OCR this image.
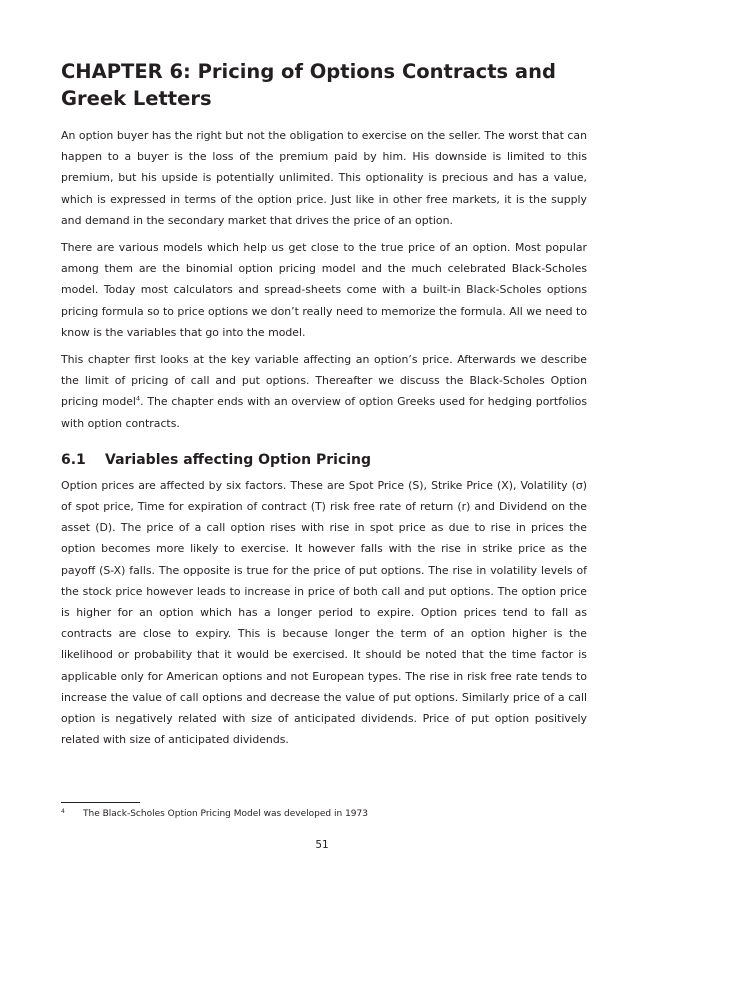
CHAPTER 6: Pricing of Options Contracts and Greek Letters

An option buyer has the right but not the obligation to exercise on the seller. The worst that can happen to a buyer is the loss of the premium paid by him. His downside is limited to this premium, but his upside is potentially unlimited. This optionality is precious and has a value, which is expressed in terms of the option price. Just like in other free markets, it is the supply and demand in the secondary market that drives the price of an option.

There are various models which help us get close to the true price of an option. Most popular among them are the binomial option pricing model and the much celebrated Black-Scholes model. Today most calculators and spread-sheets come with a built-in Black-Scholes options pricing formula so to price options we don’t really need to memorize the formula. All we need to know is the variables that go into the model.

This chapter first looks at the key variable affecting an option’s price. Afterwards we describe the limit of pricing of call and put options. Thereafter we discuss the Black-Scholes Option pricing model$^4$. The chapter ends with an overview of option Greeks used for hedging portfolios with option contracts.

6.1	Variables affecting Option Pricing

Option prices are affected by six factors. These are Spot Price (S), Strike Price (X), Volatility (σ) of spot price, Time for expiration of contract (T) risk free rate of return (r) and Dividend on the asset (D). The price of a call option rises with rise in spot price as due to rise in prices the option becomes more likely to exercise. It however falls with the rise in strike price as the payoff (S-X) falls. The opposite is true for the price of put options. The rise in volatility levels of the stock price however leads to increase in price of both call and put options. The option price is higher for an option which has a longer period to expire. Option prices tend to fall as contracts are close to expiry. This is because longer the term of an option higher is the likelihood or probability that it would be exercised. It should be noted that the time factor is applicable only for American options and not European types. The rise in risk free rate tends to increase the value of call options and decrease the value of put options. Similarly price of a call option is negatively related with size of anticipated dividends. Price of put option positively related with size of anticipated dividends.

4	The Black-Scholes Option Pricing Model was developed in 1973
51
